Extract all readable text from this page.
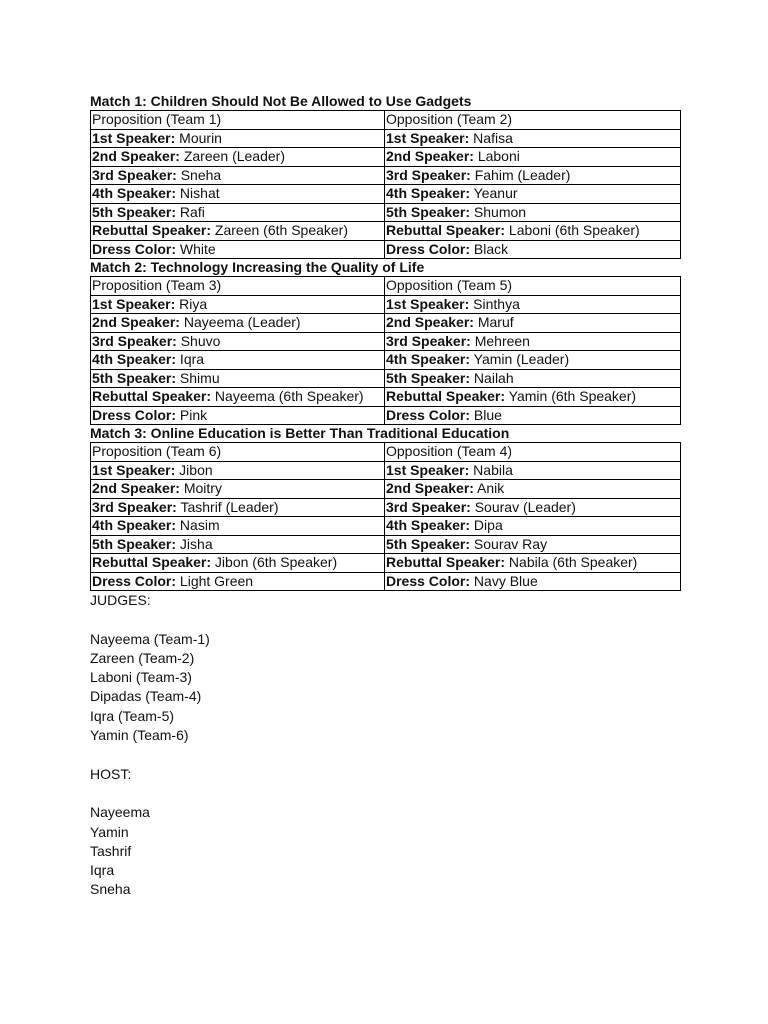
Match 1: Children Should Not Be Allowed to Use Gadgets
Proposition (Team 1)	Opposition (Team 2)
1st Speaker: Mourin	1st Speaker: Nafisa
2nd Speaker: Zareen (Leader)	2nd Speaker: Laboni
3rd Speaker: Sneha	3rd Speaker: Fahim (Leader)
4th Speaker: Nishat	4th Speaker: Yeanur
5th Speaker: Rafi	5th Speaker: Shumon
Rebuttal Speaker: Zareen (6th Speaker)	Rebuttal Speaker: Laboni (6th Speaker)
Dress Color: White	Dress Color: Black
Match 2: Technology Increasing the Quality of Life
Proposition (Team 3)	Opposition (Team 5)
1st Speaker: Riya	1st Speaker: Sinthya
2nd Speaker: Nayeema (Leader)	2nd Speaker: Maruf
3rd Speaker: Shuvo	3rd Speaker: Mehreen
4th Speaker: Iqra	4th Speaker: Yamin (Leader)
5th Speaker: Shimu	5th Speaker: Nailah
Rebuttal Speaker: Nayeema (6th Speaker)	Rebuttal Speaker: Yamin (6th Speaker)
Dress Color: Pink	Dress Color: Blue
Match 3: Online Education is Better Than Traditional Education
Proposition (Team 6)	Opposition (Team 4)
1st Speaker: Jibon	1st Speaker: Nabila
2nd Speaker: Moitry	2nd Speaker: Anik
3rd Speaker: Tashrif (Leader)	3rd Speaker: Sourav (Leader)
4th Speaker: Nasim	4th Speaker: Dipa
5th Speaker: Jisha	5th Speaker: Sourav Ray
Rebuttal Speaker: Jibon (6th Speaker)	Rebuttal Speaker: Nabila (6th Speaker)
Dress Color: Light Green	Dress Color: Navy Blue
JUDGES:
Nayeema (Team-1)
Zareen (Team-2)
Laboni (Team-3)
Dipadas (Team-4)
Iqra (Team-5)
Yamin (Team-6)
HOST:
Nayeema
Yamin
Tashrif
Iqra
Sneha
